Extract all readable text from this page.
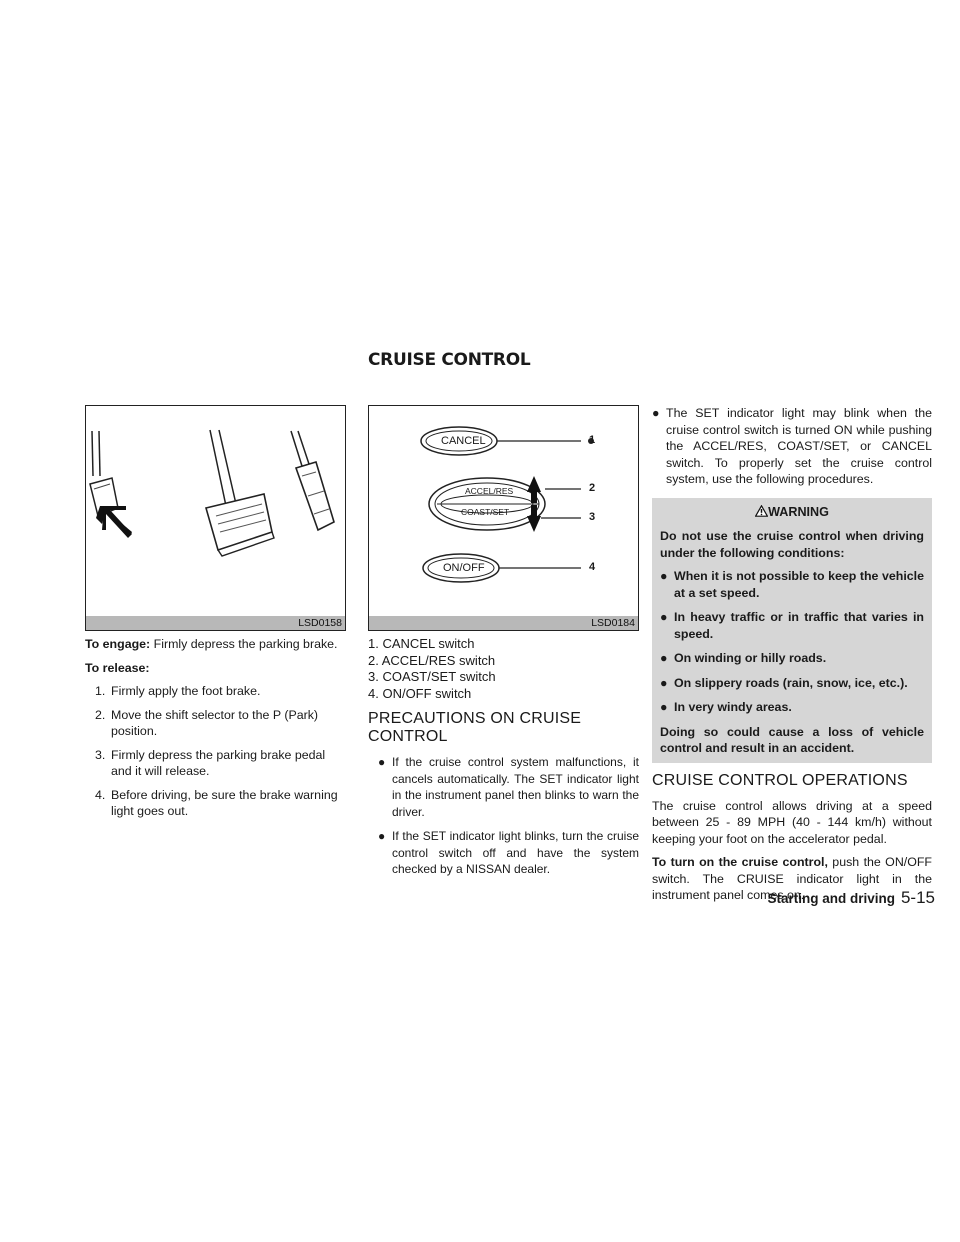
CRUISE CONTROL
LSD0158
CANCEL
ACCEL/RES
COAST/SET
ON/OFF
1
2
3
4
LSD0184

To engage: Firmly depress the parking brake.

To release:

1. Firmly apply the foot brake.
2. Move the shift selector to the P (Park) position.
3. Firmly depress the parking brake pedal and it will release.
4. Before driving, be sure the brake warning light goes out.
1. CANCEL switch
2. ACCEL/RES switch
3. COAST/SET switch
4. ON/OFF switch
PRECAUTIONS ON CRUISE
CONTROL
● If the cruise control system malfunctions, it cancels automatically. The SET indicator light in the instrument panel then blinks to warn the driver.
● If the SET indicator light blinks, turn the cruise control switch off and have the system checked by a NISSAN dealer.
● The SET indicator light may blink when the cruise control switch is turned ON while pushing the ACCEL/RES, COAST/SET, or CANCEL switch. To properly set the cruise control system, use the following procedures.
WARNING

Do not use the cruise control when driving under the following conditions:

● When it is not possible to keep the vehicle at a set speed.
● In heavy traffic or in traffic that varies in speed.
● On winding or hilly roads.
● On slippery roads (rain, snow, ice, etc.).
● In very windy areas.

Doing so could cause a loss of vehicle control and result in an accident.

CRUISE CONTROL OPERATIONS

The cruise control allows driving at a speed between 25 - 89 MPH (40 - 144 km/h) without keeping your foot on the accelerator pedal.

To turn on the cruise control, push the ON/OFF switch. The CRUISE indicator light in the instrument panel comes on.

Starting and driving 5-15
